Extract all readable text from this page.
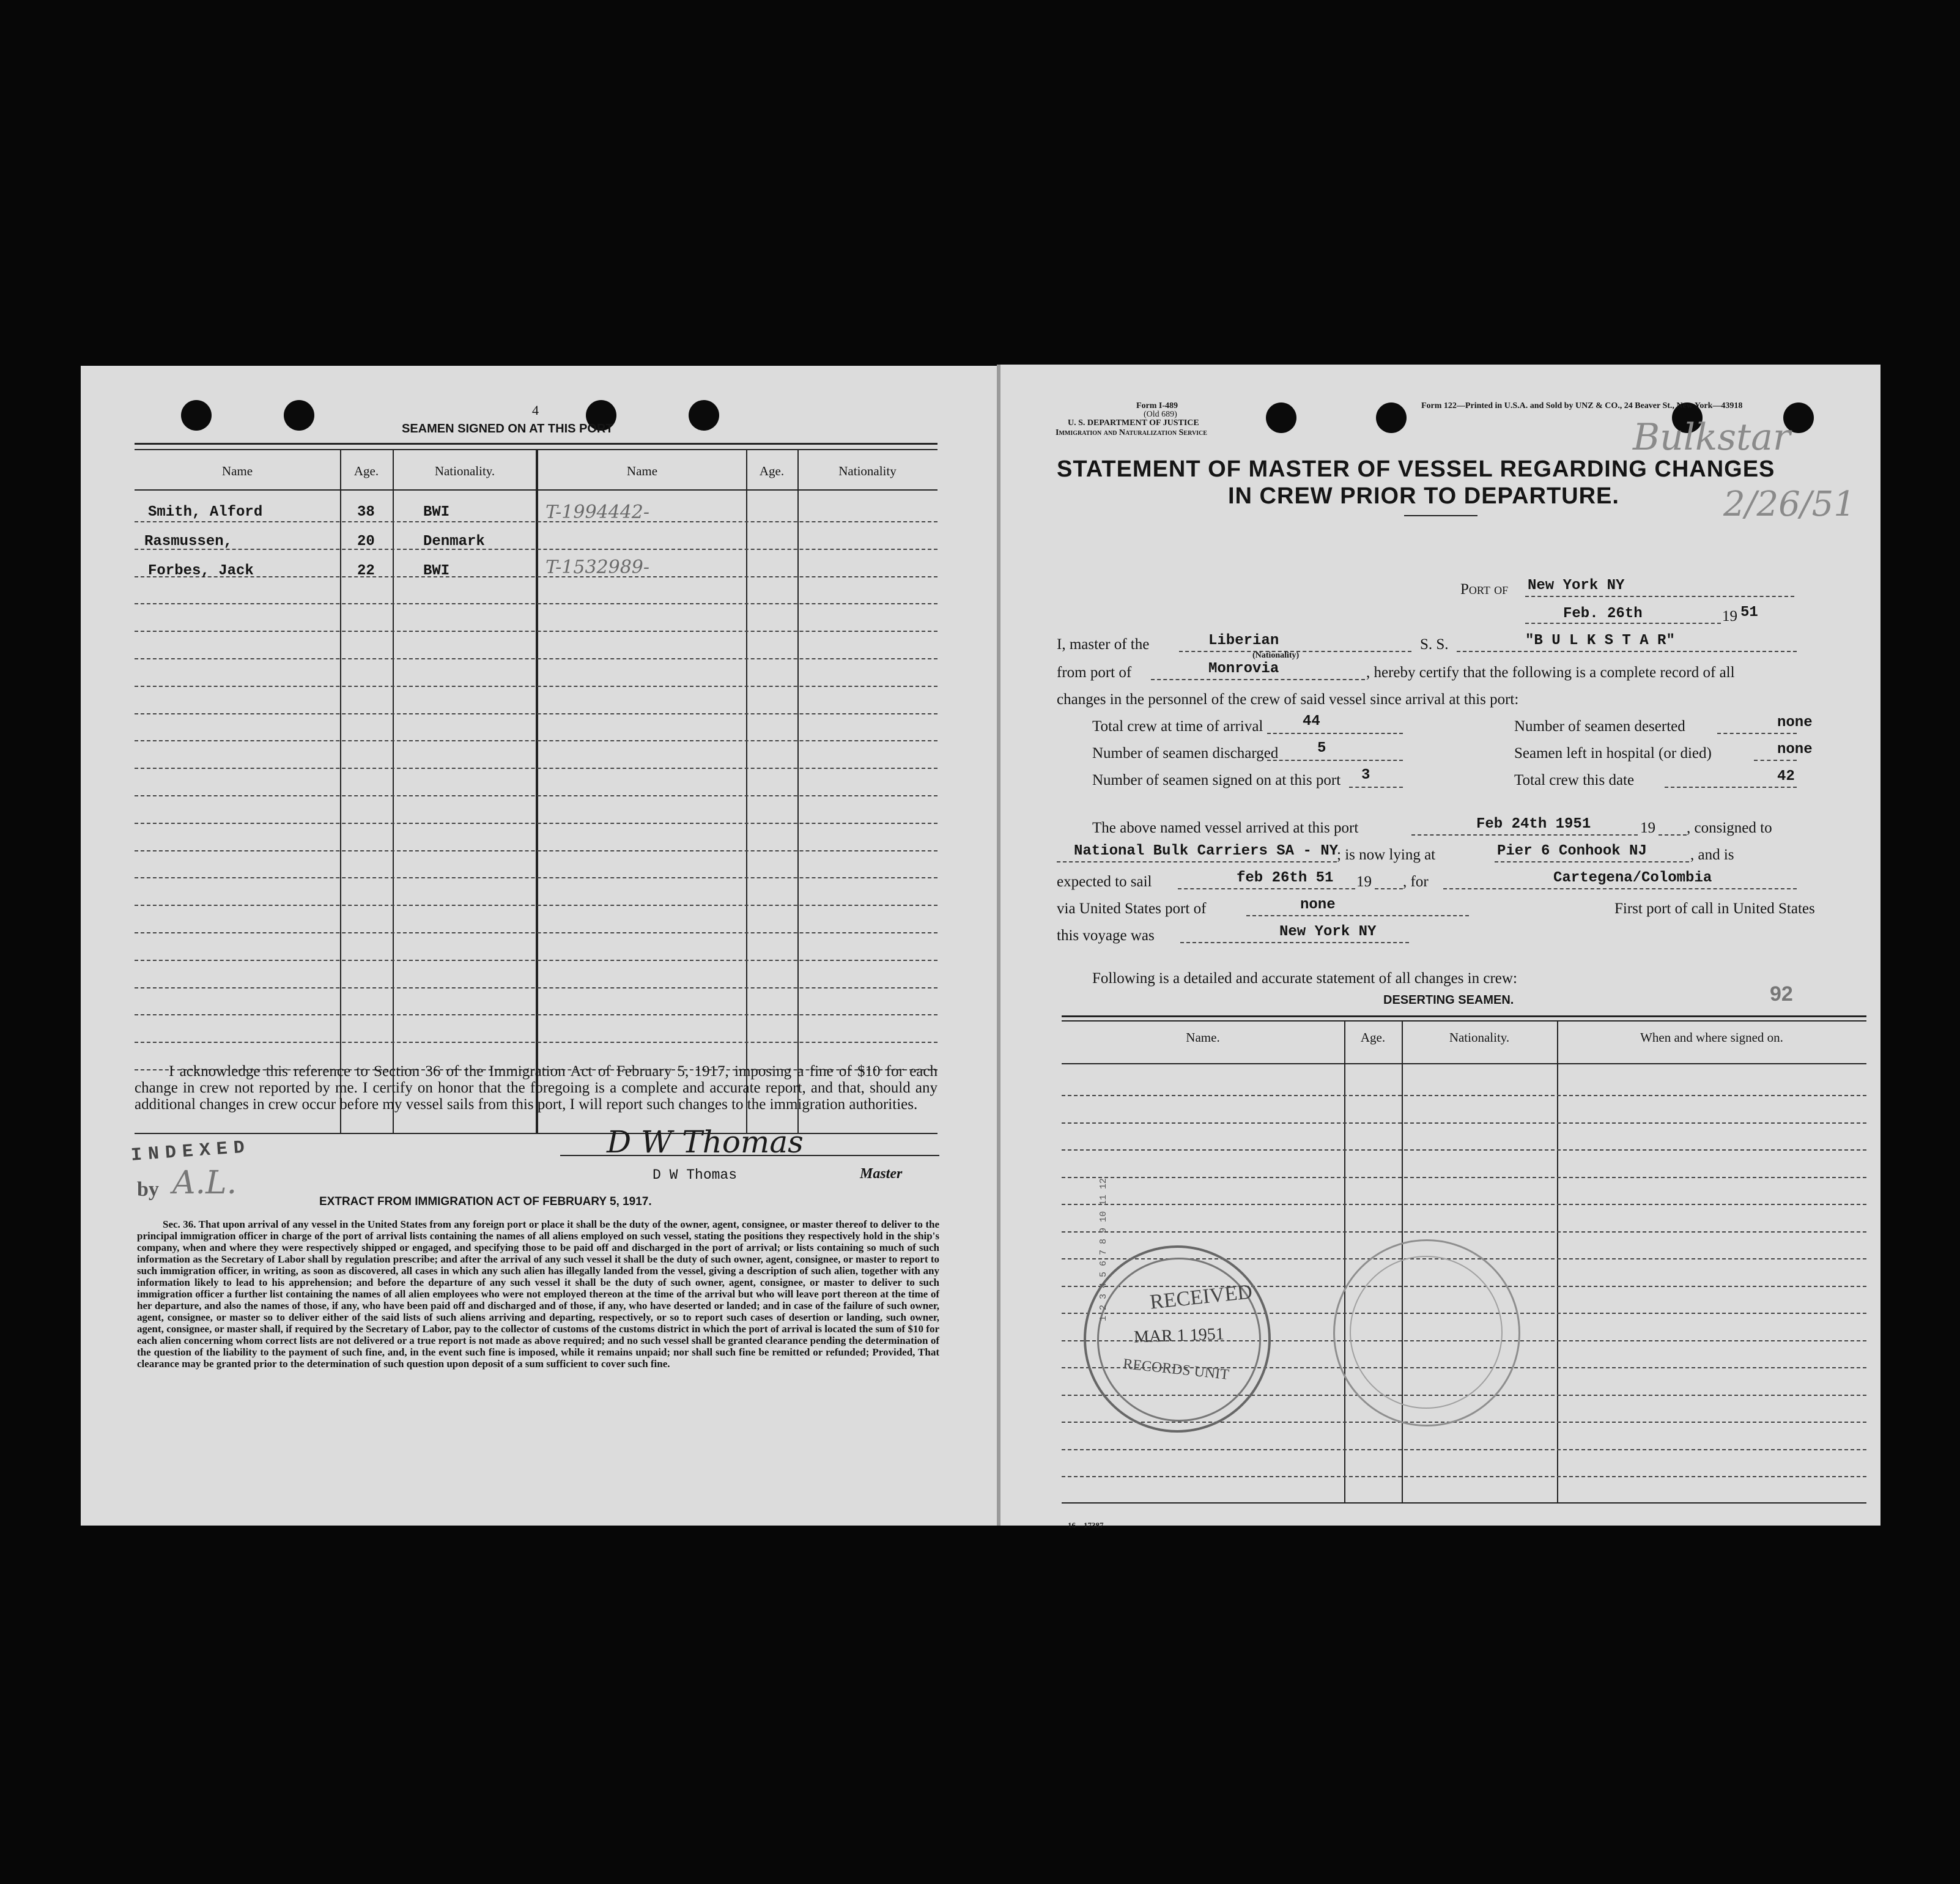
4
SEAMEN SIGNED ON AT THIS PORT
Name	Age.	Nationality.	Name	Age.	Nationality
Smith, Alford	38	BWI	T-1994442-
Rasmussen,	20	Denmark
Forbes, Jack	22	BWI	T-1532989-
I acknowledge this reference to Section 36 of the Immigration Act of February 5, 1917, imposing a fine of $10 for each change in crew not reported by me. I certify on honor that the foregoing is a complete and accurate report, and that, should any additional changes in crew occur before my vessel sails from this port, I will report such changes to the immigration authorities.
INDEXED
by A.L.
D W Thomas
D W Thomas	Master
EXTRACT FROM IMMIGRATION ACT OF FEBRUARY 5, 1917.
Sec. 36. That upon arrival of any vessel in the United States from any foreign port or place it shall be the duty of the owner, agent, consignee, or master thereof to deliver to the principal immigration officer in charge of the port of arrival lists containing the names of all aliens employed on such vessel, stating the positions they respectively hold in the ship's company, when and where they were respectively shipped or engaged, and specifying those to be paid off and discharged in the port of arrival; or lists containing so much of such information as the Secretary of Labor shall by regulation prescribe; and after the arrival of any such vessel it shall be the duty of such owner, agent, consignee, or master to report to such immigration officer, in writing, as soon as discovered, all cases in which any such alien has illegally landed from the vessel, giving a description of such alien, together with any information likely to lead to his apprehension; and before the departure of any such vessel it shall be the duty of such owner, agent, consignee, or master to deliver to such immigration officer a further list containing the names of all alien employees who were not employed thereon at the time of the arrival but who will leave port thereon at the time of her departure, and also the names of those, if any, who have been paid off and discharged and of those, if any, who have deserted or landed; and in case of the failure of such owner, agent, consignee, or master so to deliver either of the said lists of such aliens arriving and departing, respectively, or so to report such cases of desertion or landing, such owner, agent, consignee, or master shall, if required by the Secretary of Labor, pay to the collector of customs of the customs district in which the port of arrival is located the sum of $10 for each alien concerning whom correct lists are not delivered or a true report is not made as above required; and no such vessel shall be granted clearance pending the determination of the question of the liability to the payment of such fine, and, in the event such fine is imposed, while it remains unpaid; nor shall such fine be remitted or refunded; Provided, That clearance may be granted prior to the determination of such question upon deposit of a sum sufficient to cover such fine.
Form I-489
(Old 689)
U. S. DEPARTMENT OF JUSTICE
Immigration and Naturalization Service
Form 122—Printed in U.S.A. and Sold by UNZ & CO., 24 Beaver St., New York—43918
Bulkstar
2/26/51
STATEMENT OF MASTER OF VESSEL REGARDING CHANGES
IN CREW PRIOR TO DEPARTURE.
Port of New York NY
Feb. 26th	19 51
I, master of the	Liberian
(Nationality)
S. S.	"B U L K S T A R"
from port of	Monrovia	, hereby certify that the following is a complete record of all
changes in the personnel of the crew of said vessel since arrival at this port:
Total crew at time of arrival	44	Number of seamen deserted	none
Number of seamen discharged	5	Seamen left in hospital (or died)	none
Number of seamen signed on at this port 3	Total crew this date	42
The above named vessel arrived at this port	Feb 24th 1951	19 , consigned to
National Bulk Carriers SA - NY
; is now lying at	Pier 6 Conhook NJ	, and is
expected to sail	feb 26th 51 19 , for	Cartegena/Colombia
via United States port of	none	First port of call in United States
this voyage was	New York NY
Following is a detailed and accurate statement of all changes in crew:
DESERTING SEAMEN.	92
Name.	Age.	Nationality.	When and where signed on.
1 2 3 4 5 6 7 8 9 10 11 12 RECEIVED
MAR 1 1951
RECORDS UNIT
16—17387
